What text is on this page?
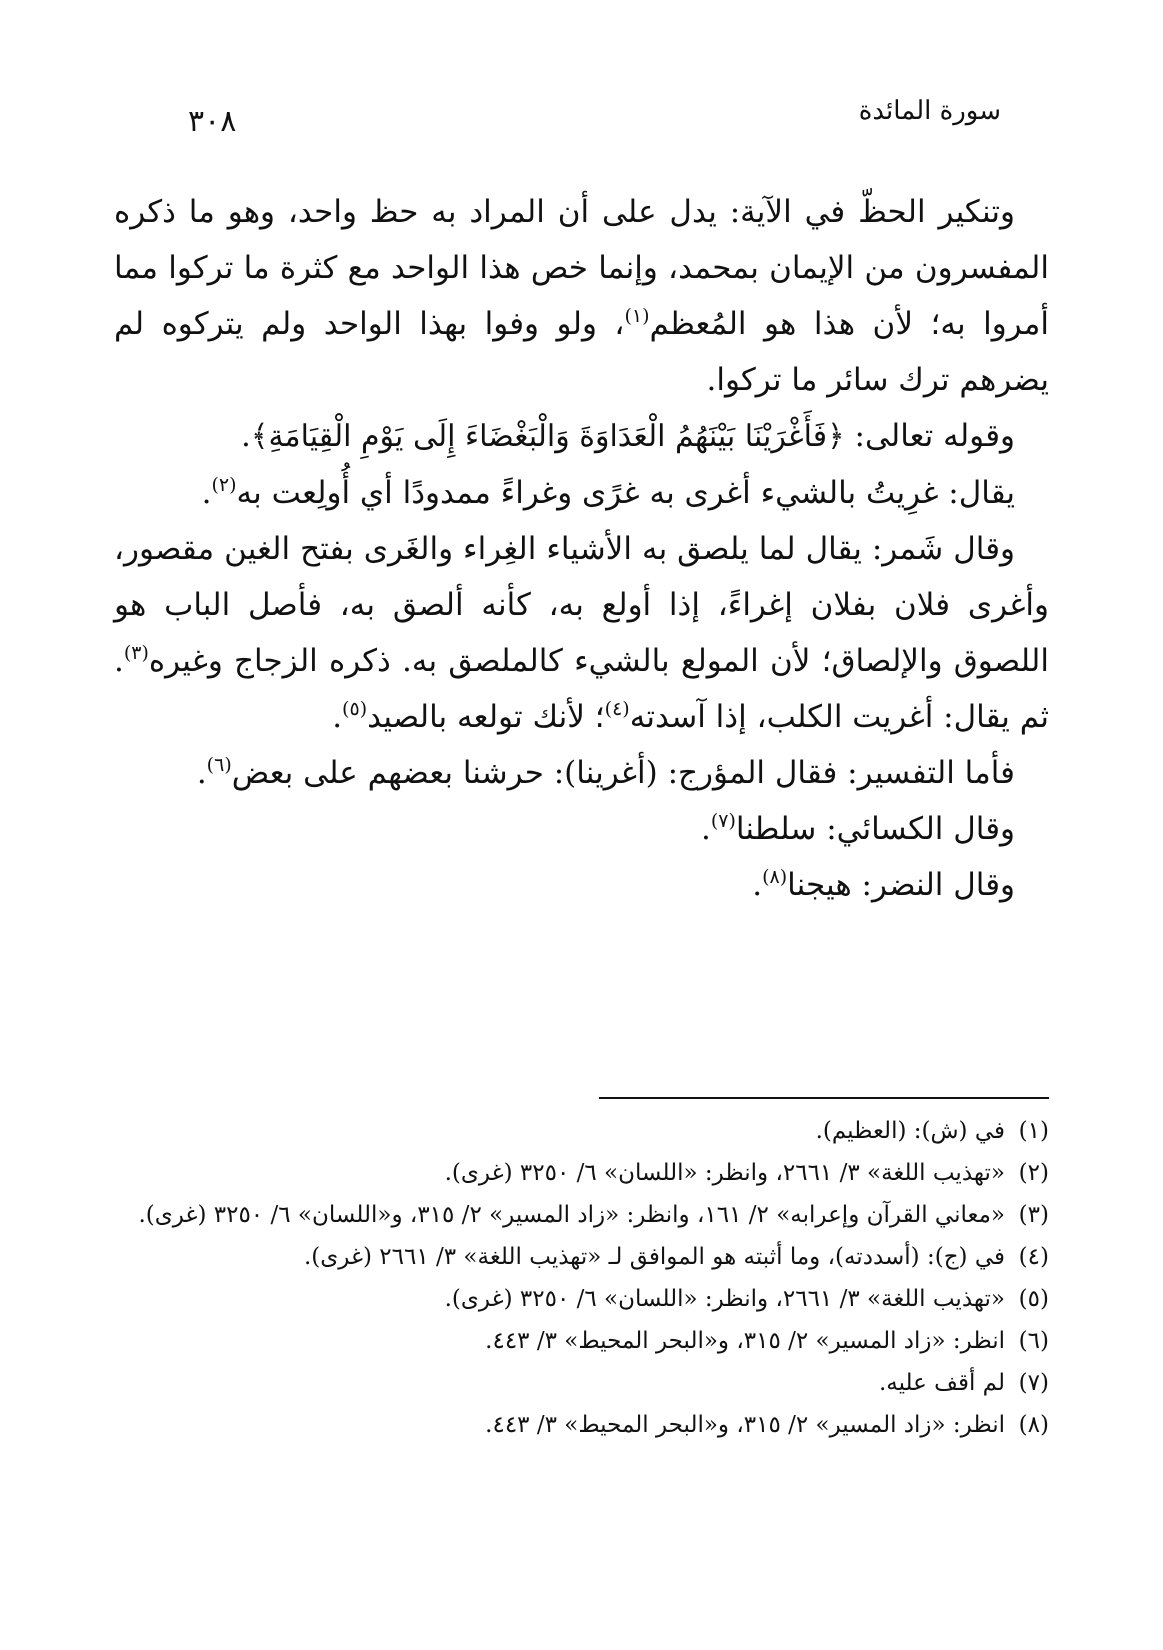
سورة المائدة
٣٠٨

وتنكير الحظّ في الآية: يدل على أن المراد به حظ واحد، وهو ما ذكره المفسرون من الإيمان بمحمد، وإنما خص هذا الواحد مع كثرة ما تركوا مما أمروا به؛ لأن هذا هو المُعظم$^{(١)}$، ولو وفوا بهذا الواحد ولم يتركوه لم يضرهم ترك سائر ما تركوا.

وقوله تعالى: ﴿فَأَغْرَيْنَا بَيْنَهُمُ الْعَدَاوَةَ وَالْبَغْضَاءَ إِلَى يَوْمِ الْقِيَامَةِ﴾.

يقال: غرِيتُ بالشيء أغرى به غرًى وغراءً ممدودًا أي أُولِعت به$^{(٢)}$.

وقال شَمر: يقال لما يلصق به الأشياء الغِراء والغَرى بفتح الغين مقصور، وأغرى فلان بفلان إغراءً، إذا أولع به، كأنه ألصق به، فأصل الباب هو اللصوق والإلصاق؛ لأن المولع بالشيء كالملصق به. ذكره الزجاج وغيره$^{(٣)}$. ثم يقال: أغريت الكلب، إذا آسدته$^{(٤)}$؛ لأنك تولعه بالصيد$^{(٥)}$.

فأما التفسير: فقال المؤرج: (أغرينا): حرشنا بعضهم على بعض$^{(٦)}$.

وقال الكسائي: سلطنا$^{(٧)}$.

وقال النضر: هيجنا$^{(٨)}$.

(١)
في (ش): (العظيم).
(٢)
«تهذيب اللغة» ٣/ ٢٦٦١، وانظر: «اللسان» ٦/ ٣٢٥٠ (غرى).
(٣)
«معاني القرآن وإعرابه» ٢/ ١٦١، وانظر: «زاد المسير» ٢/ ٣١٥، و«اللسان» ٦/ ٣٢٥٠ (غرى).
(٤)
في (ج): (أسددته)، وما أثبته هو الموافق لـ «تهذيب اللغة» ٣/ ٢٦٦١ (غرى).
(٥)
«تهذيب اللغة» ٣/ ٢٦٦١، وانظر: «اللسان» ٦/ ٣٢٥٠ (غرى).
(٦)
انظر: «زاد المسير» ٢/ ٣١٥، و«البحر المحيط» ٣/ ٤٤٣.
(٧)
لم أقف عليه.
(٨)
انظر: «زاد المسير» ٢/ ٣١٥، و«البحر المحيط» ٣/ ٤٤٣.
